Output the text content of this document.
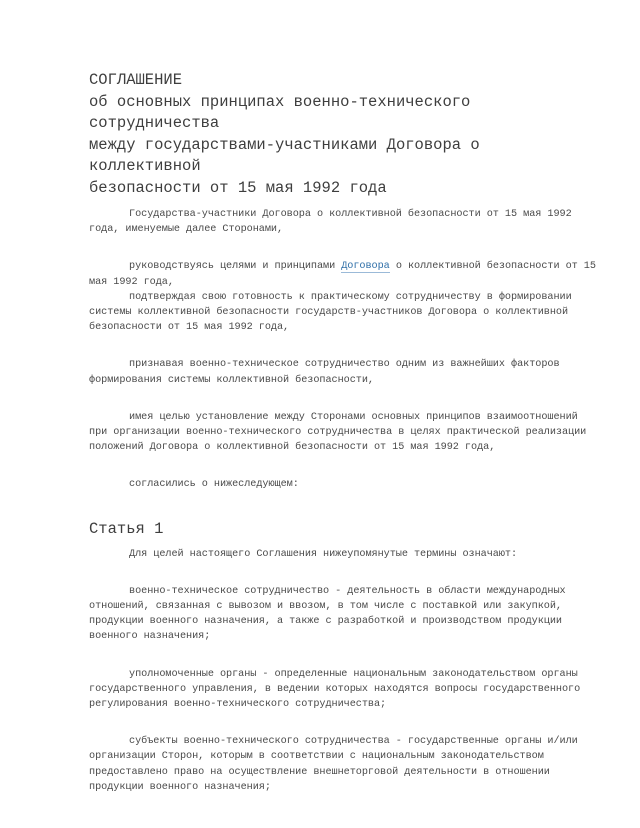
СОГЛАШЕНИЕ
об основных принципах военно-технического
сотрудничества
между государствами-участниками Договора о
коллективной
безопасности от 15 мая 1992 года

Государства-участники Договора о коллективной безопасности от 15 мая 1992 года, именуемые далее Сторонами,

руководствуясь целями и принципами Договора о коллективной безопасности от 15 мая 1992 года,

подтверждая свою готовность к практическому сотрудничеству в формировании системы коллективной безопасности государств-участников Договора о коллективной безопасности от 15 мая 1992 года,

признавая военно-техническое сотрудничество одним из важнейших факторов формирования системы коллективной безопасности,

имея целью установление между Сторонами основных принципов взаимоотношений при организации военно-технического сотрудничества в целях практической реализации положений Договора о коллективной безопасности от 15 мая 1992 года,

согласились о нижеследующем:

Статья 1

Для целей настоящего Соглашения нижеупомянутые термины означают:

военно-техническое сотрудничество - деятельность в области международных отношений, связанная с вывозом и ввозом, в том числе с поставкой или закупкой, продукции военного назначения, а также с разработкой и производством продукции военного назначения;

уполномоченные органы - определенные национальным законодательством органы государственного управления, в ведении которых находятся вопросы государственного регулирования военно-технического сотрудничества;

субъекты военно-технического сотрудничества - государственные органы и/или организации Сторон, которым в соответствии с национальным законодательством предоставлено право на осуществление внешнеторговой деятельности в отношении продукции военного назначения;
